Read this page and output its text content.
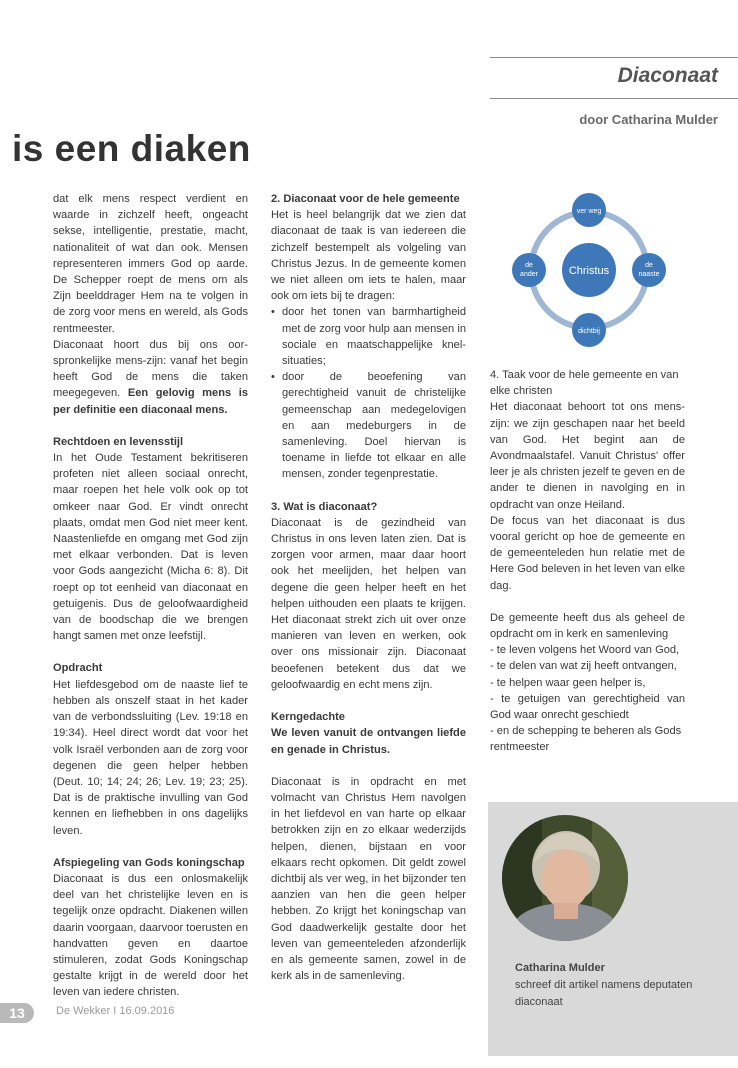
Diaconaat
door Catharina Mulder
is een diaken

dat elk mens respect verdient en waarde in zichzelf heeft, ongeacht sekse, intelligentie, prestatie, macht, nationaliteit of wat dan ook. Mensen representeren immers God op aarde. De Schepper roept de mens om als Zijn beelddrager Hem na te volgen in de zorg voor mens en wereld, als Gods rentmeester.

Diaconaat hoort dus bij ons oor-spronkelijke mens-zijn: vanaf het begin heeft God de mens die taken meegegeven. Een gelovig mens is per definitie een diaconaal mens.

Rechtdoen en levensstijl

In het Oude Testament bekritiseren profeten niet alleen sociaal onrecht, maar roepen het hele volk ook op tot omkeer naar God. Er vindt onrecht plaats, omdat men God niet meer kent. Naastenliefde en omgang met God zijn met elkaar verbonden. Dat is leven voor Gods aangezicht (Micha 6: 8). Dit roept op tot eenheid van diaconaat en getuigenis. Dus de geloofwaardigheid van de boodschap die we brengen hangt samen met onze leefstijl.

Opdracht

Het liefdesgebod om de naaste lief te hebben als onszelf staat in het kader van de verbondssluiting (Lev. 19:18 en 19:34). Heel direct wordt dat voor het volk Israël verbonden aan de zorg voor degenen die geen helper hebben (Deut. 10; 14; 24; 26; Lev. 19; 23; 25). Dat is de praktische invulling van God kennen en liefhebben in ons dagelijks leven.

Afspiegeling van Gods koningschap

Diaconaat is dus een onlosmakelijk deel van het christelijke leven en is tegelijk onze opdracht. Diakenen willen daarin voorgaan, daarvoor toerusten en handvatten geven en daartoe stimuleren, zodat Gods Koningschap gestalte krijgt in de wereld door het leven van iedere christen.

2. Diaconaat voor de hele gemeente

Het is heel belangrijk dat we zien dat diaconaat de taak is van iedereen die zichzelf bestempelt als volgeling van Christus Jezus. In de gemeente komen we niet alleen om iets te halen, maar ook om iets bij te dragen:

• door het tonen van barmhartigheid met de zorg voor hulp aan mensen in sociale en maatschappelijke knel-situaties;
• door de beoefening van gerechtigheid vanuit de christelijke gemeenschap aan medegelovigen en aan medeburgers in de samenleving. Doel hiervan is toename in liefde tot elkaar en alle mensen, zonder tegenprestatie.

3. Wat is diaconaat?

Diaconaat is de gezindheid van Christus in ons leven laten zien. Dat is zorgen voor armen, maar daar hoort ook het meelijden, het helpen van degene die geen helper heeft en het helpen uithouden een plaats te krijgen. Het diaconaat strekt zich uit over onze manieren van leven en werken, ook over ons missionair zijn. Diaconaat beoefenen betekent dus dat we geloofwaardig en echt mens zijn.

Kerngedachte

We leven vanuit de ontvangen liefde en genade in Christus.

Diaconaat is in opdracht en met volmacht van Christus Hem navolgen in het liefdevol en van harte op elkaar betrokken zijn en zo elkaar wederzijds helpen, dienen, bijstaan en voor elkaars recht opkomen. Dit geldt zowel dichtbij als ver weg, in het bijzonder ten aanzien van hen die geen helper hebben. Zo krijgt het koningschap van God daadwerkelijk gestalte door het leven van gemeenteleden afzonderlijk en als gemeente samen, zowel in de kerk als in de samenleving.

Christus
ver weg
de
ander
de
naaste
dichtbij

4. Taak voor de hele gemeente en van elke christen

Het diaconaat behoort tot ons mens-zijn: we zijn geschapen naar het beeld van God. Het begint aan de Avondmaalstafel. Vanuit Christus' offer leer je als christen jezelf te geven en de ander te dienen in navolging en in opdracht van onze Heiland.

De focus van het diaconaat is dus vooral gericht op hoe de gemeente en de gemeenteleden hun relatie met de Here God beleven in het leven van elke dag.

De gemeente heeft dus als geheel de opdracht om in kerk en samenleving

- te leven volgens het Woord van God,
- te delen van wat zij heeft ontvangen,
- te helpen waar geen helper is,
- te getuigen van gerechtigheid van God waar onrecht geschiedt
- en de schepping te beheren als Gods rentmeester
Catharina Mulder
schreef dit artikel namens deputaten
diaconaat
13	De Wekker I 16.09.2016
